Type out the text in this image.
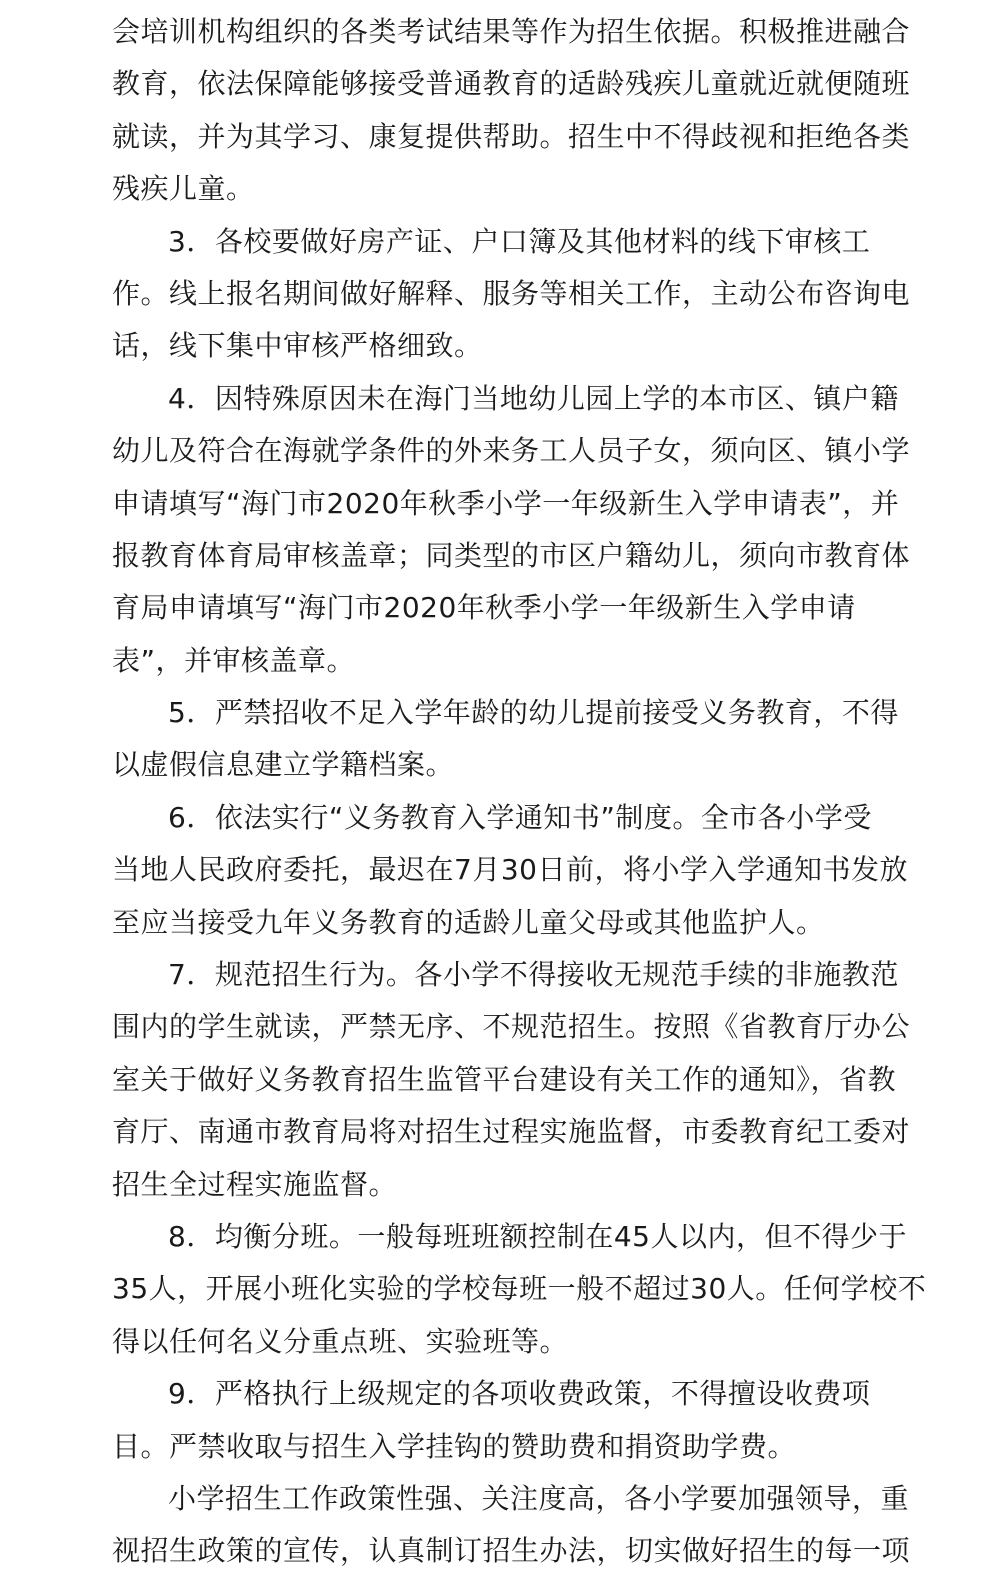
会培训机构组织的各类考试结果等作为招生依据。积极推进融合
教育，依法保障能够接受普通教育的适龄残疾儿童就近就便随班
就读，并为其学习、康复提供帮助。招生中不得歧视和拒绝各类
残疾儿童。
3．各校要做好房产证、户口簿及其他材料的线下审核工
作。线上报名期间做好解释、服务等相关工作，主动公布咨询电
话，线下集中审核严格细致。
4．因特殊原因未在海门当地幼儿园上学的本市区、镇户籍
幼儿及符合在海就学条件的外来务工人员子女，须向区、镇小学
申请填写“海门市2020年秋季小学一年级新生入学申请表”，并
报教育体育局审核盖章；同类型的市区户籍幼儿，须向市教育体
育局申请填写“海门市2020年秋季小学一年级新生入学申请
表”，并审核盖章。
5．严禁招收不足入学年龄的幼儿提前接受义务教育，不得
以虚假信息建立学籍档案。
6．依法实行“义务教育入学通知书”制度。全市各小学受
当地人民政府委托，最迟在7月30日前，将小学入学通知书发放
至应当接受九年义务教育的适龄儿童父母或其他监护人。
7．规范招生行为。各小学不得接收无规范手续的非施教范
围内的学生就读，严禁无序、不规范招生。按照《省教育厅办公
室关于做好义务教育招生监管平台建设有关工作的通知》，省教
育厅、南通市教育局将对招生过程实施监督，市委教育纪工委对
招生全过程实施监督。
8．均衡分班。一般每班班额控制在45人以内，但不得少于
35人，开展小班化实验的学校每班一般不超过30人。任何学校不
得以任何名义分重点班、实验班等。
9．严格执行上级规定的各项收费政策，不得擅设收费项
目。严禁收取与招生入学挂钩的赞助费和捐资助学费。
小学招生工作政策性强、关注度高，各小学要加强领导，重
视招生政策的宣传，认真制订招生办法，切实做好招生的每一项
